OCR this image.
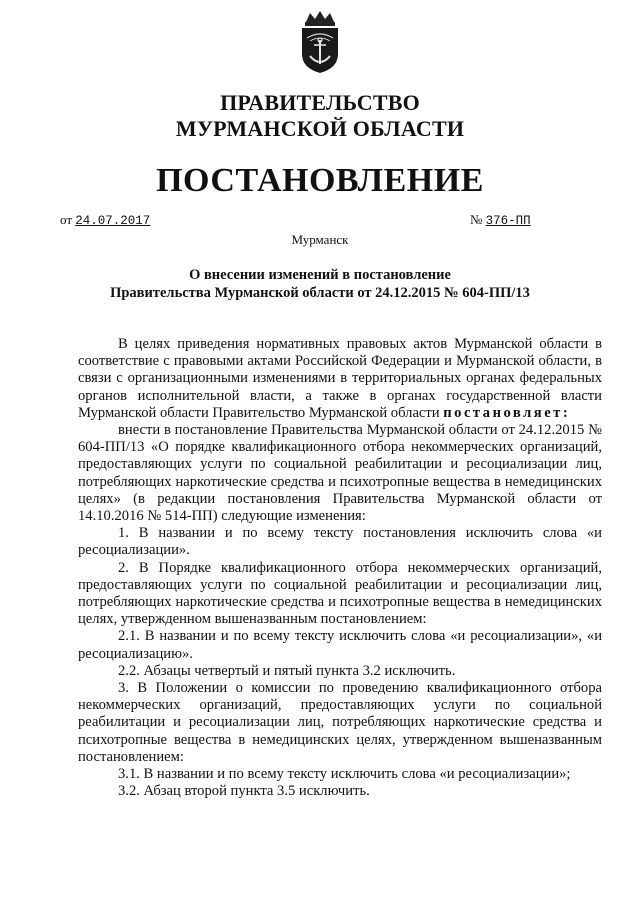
ПРАВИТЕЛЬСТВО
МУРМАНСКОЙ ОБЛАСТИ
ПОСТАНОВЛЕНИЕ
от 24.07.2017	№ 376-ПП
Мурманск
О внесении изменений в постановление
Правительства Мурманской области от 24.12.2015 № 604-ПП/13

В целях приведения нормативных правовых актов Мурманской области в соответствие с правовыми актами Российской Федерации и Мурманской области, в связи с организационными изменениями в территориальных органах федеральных органов исполнительной власти, а также в органах государственной власти Мурманской области Правительство Мурманской области постановляет:

внести в постановление Правительства Мурманской области от 24.12.2015 № 604-ПП/13 «О порядке квалификационного отбора некоммерческих организаций, предоставляющих услуги по социальной реабилитации и ресоциализации лиц, потребляющих наркотические средства и психотропные вещества в немедицинских целях» (в редакции постановления Правительства Мурманской области от 14.10.2016 № 514-ПП) следующие изменения:

1. В названии и по всему тексту постановления исключить слова «и ресоциализации».

2. В Порядке квалификационного отбора некоммерческих организаций, предоставляющих услуги по социальной реабилитации и ресоциализации лиц, потребляющих наркотические средства и психотропные вещества в немедицинских целях, утвержденном вышеназванным постановлением:

2.1. В названии и по всему тексту исключить слова «и ресоциализации», «и ресоциализацию».

2.2. Абзацы четвертый и пятый пункта 3.2 исключить.

3. В Положении о комиссии по проведению квалификационного отбора некоммерческих организаций, предоставляющих услуги по социальной реабилитации и ресоциализации лиц, потребляющих наркотические средства и психотропные вещества в немедицинских целях, утвержденном вышеназванным постановлением:

3.1. В названии и по всему тексту исключить слова «и ресоциализации»;

3.2. Абзац второй пункта 3.5 исключить.
